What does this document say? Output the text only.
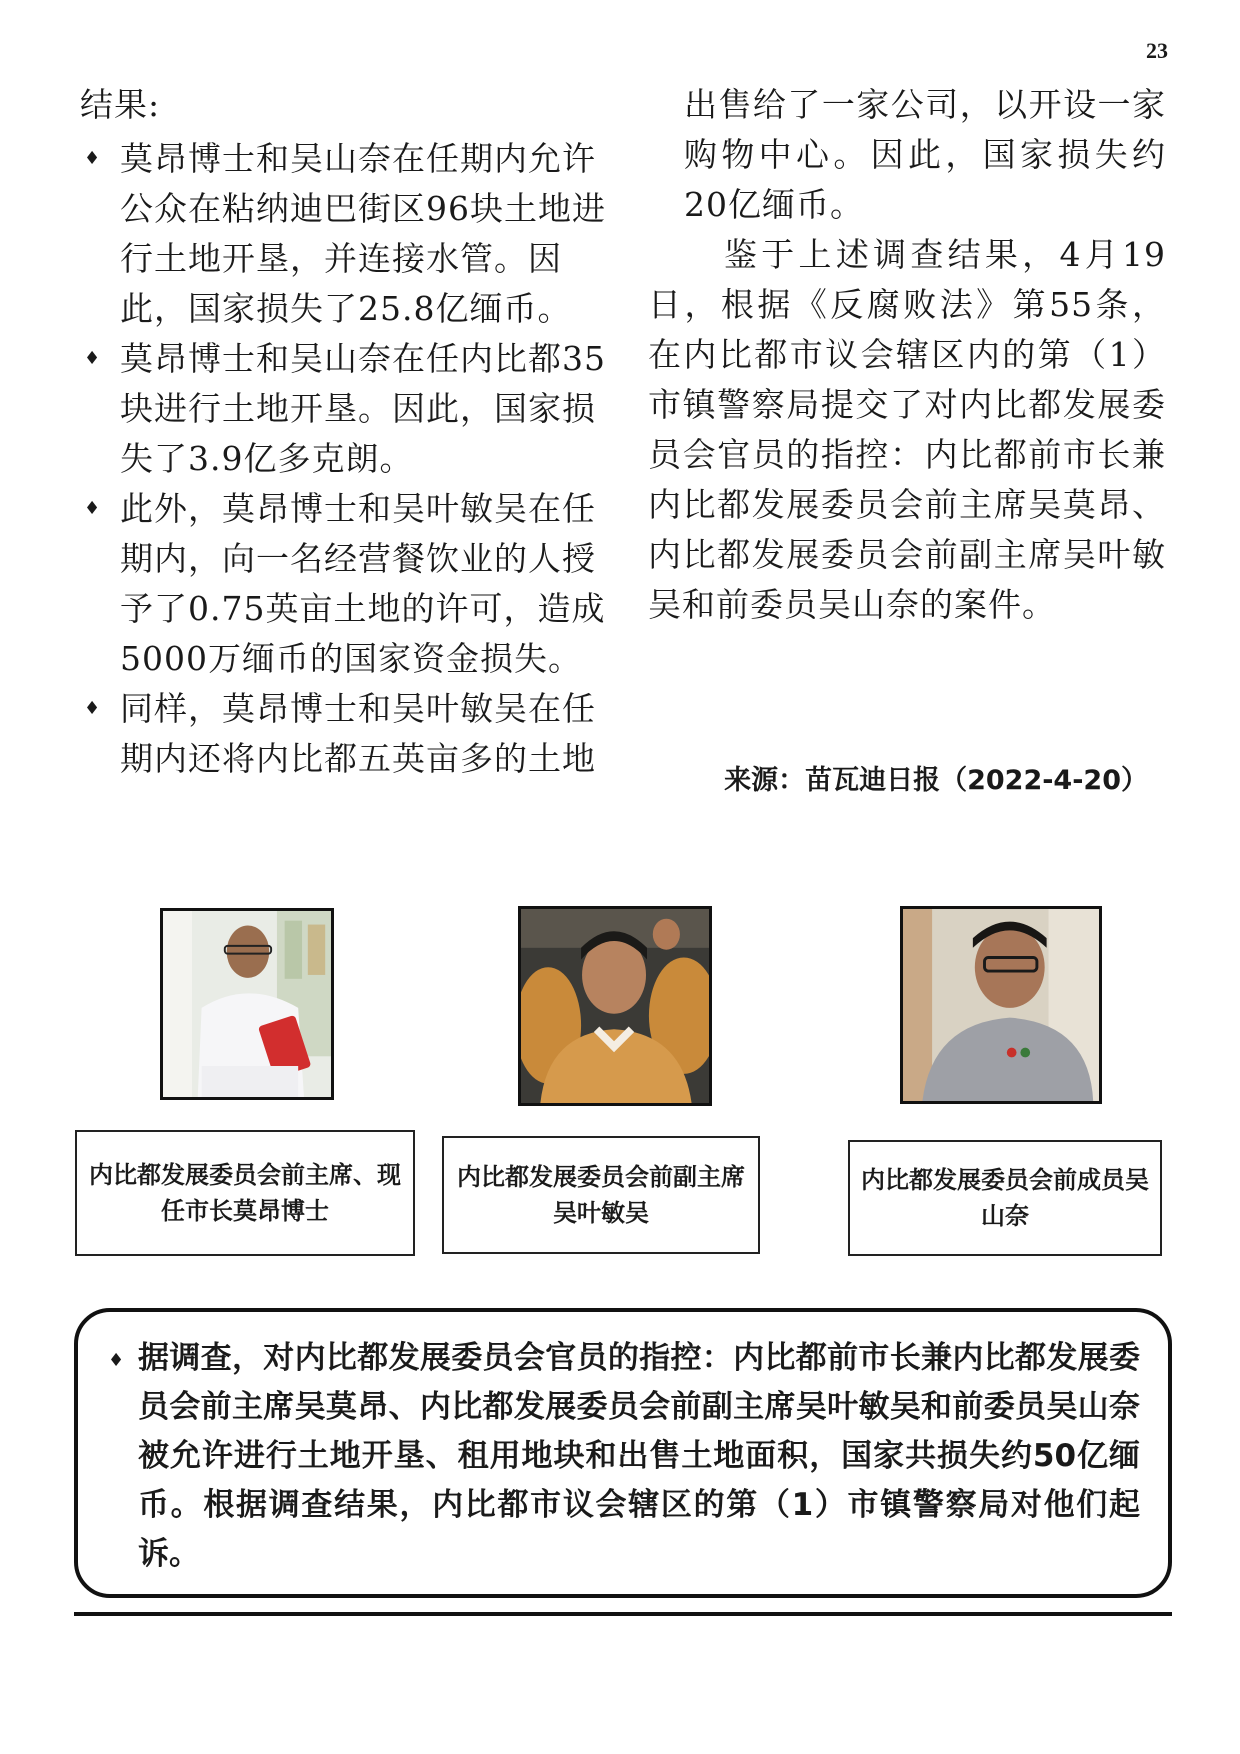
23

结果:

♦ 莫昂博士和吴山奈在任期内允许公众在粘纳迪巴街区96块土地进行土地开垦，并连接水管。因此，国家损失了25.8亿缅币。
♦ 莫昂博士和吴山奈在任内比都35块进行土地开垦。因此，国家损失了3.9亿多克朗。
♦ 此外，莫昂博士和吴叶敏吴在任期内，向一名经营餐饮业的人授予了0.75英亩土地的许可，造成5000万缅币的国家资金损失。
♦ 同样，莫昂博士和吴叶敏吴在任期内还将内比都五英亩多的土地

出售给了一家公司，以开设一家购物中心。因此，国家损失约20亿缅币。

鉴于上述调查结果，4月19日，根据《反腐败法》第55条，在内比都市议会辖区内的第（1）市镇警察局提交了对内比都发展委员会官员的指控：内比都前市长兼内比都发展委员会前主席吴莫昂、内比都发展委员会前副主席吴叶敏吴和前委员吴山奈的案件。

来源：苗瓦迪日报（2022-4-20）
内比都发展委员会前主席、现任市长莫昂博士
内比都发展委员会前副主席吴叶敏吴
内比都发展委员会前成员吴山奈

♦ 据调查，对内比都发展委员会官员的指控：内比都前市长兼内比都发展委员会前主席吴莫昂、内比都发展委员会前副主席吴叶敏吴和前委员吴山奈被允许进行土地开垦、租用地块和出售土地面积，国家共损失约50亿缅币。根据调查结果，内比都市议会辖区的第（1）市镇警察局对他们起诉。
